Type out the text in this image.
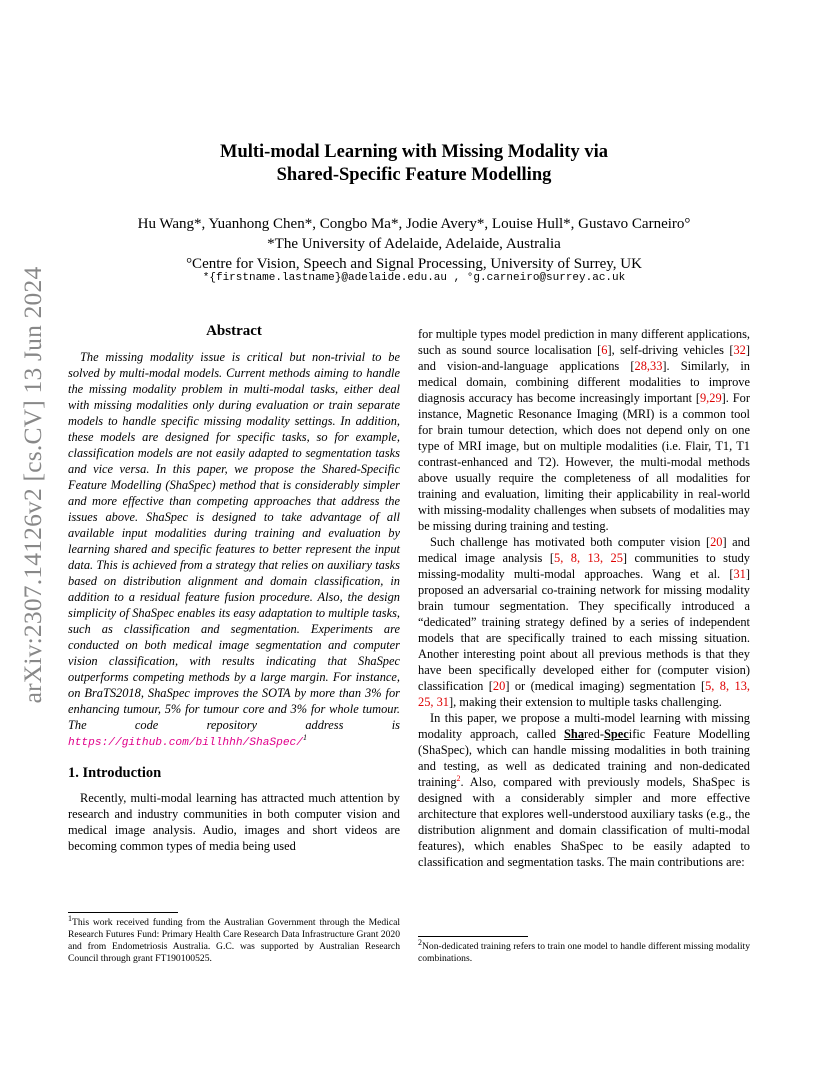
arXiv:2307.14126v2 [cs.CV] 13 Jun 2024
Multi-modal Learning with Missing Modality via
Shared-Specific Feature Modelling
Hu Wang*, Yuanhong Chen*, Congbo Ma*, Jodie Avery*, Louise Hull*, Gustavo Carneiro°
*The University of Adelaide, Adelaide, Australia
°Centre for Vision, Speech and Signal Processing, University of Surrey, UK
*{firstname.lastname}@adelaide.edu.au , °g.carneiro@surrey.ac.uk
Abstract

The missing modality issue is critical but non-trivial to be solved by multi-modal models. Current methods aiming to handle the missing modality problem in multi-modal tasks, either deal with missing modalities only during evaluation or train separate models to handle specific missing modality settings. In addition, these models are designed for specific tasks, so for example, classification models are not easily adapted to segmentation tasks and vice versa. In this paper, we propose the Shared-Specific Feature Modelling (ShaSpec) method that is considerably simpler and more effective than competing approaches that address the issues above. ShaSpec is designed to take advantage of all available input modalities during training and evaluation by learning shared and specific features to better represent the input data. This is achieved from a strategy that relies on auxiliary tasks based on distribution alignment and domain classification, in addition to a residual feature fusion procedure. Also, the design simplicity of ShaSpec enables its easy adaptation to multiple tasks, such as classification and segmentation. Experiments are conducted on both medical image segmentation and computer vision classification, with results indicating that ShaSpec outperforms competing methods by a large margin. For instance, on BraTS2018, ShaSpec improves the SOTA by more than 3% for enhancing tumour, 5% for tumour core and 3% for whole tumour. The code repository address is https://github.com/billhhh/ShaSpec/$^1$

1. Introduction

Recently, multi-modal learning has attracted much attention by research and industry communities in both computer vision and medical image analysis. Audio, images and short videos are becoming common types of media being used

$^1$This work received funding from the Australian Government through the Medical Research Futures Fund: Primary Health Care Research Data Infrastructure Grant 2020 and from Endometriosis Australia. G.C. was supported by Australian Research Council through grant FT190100525.

for multiple types model prediction in many different applications, such as sound source localisation [6], self-driving vehicles [32] and vision-and-language applications [28,33]. Similarly, in medical domain, combining different modalities to improve diagnosis accuracy has become increasingly important [9,29]. For instance, Magnetic Resonance Imaging (MRI) is a common tool for brain tumour detection, which does not depend only on one type of MRI image, but on multiple modalities (i.e. Flair, T1, T1 contrast-enhanced and T2). However, the multi-modal methods above usually require the completeness of all modalities for training and evaluation, limiting their applicability in real-world with missing-modality challenges when subsets of modalities may be missing during training and testing.

Such challenge has motivated both computer vision [20] and medical image analysis [5, 8, 13, 25] communities to study missing-modality multi-modal approaches. Wang et al. [31] proposed an adversarial co-training network for missing modality brain tumour segmentation. They specifically introduced a “dedicated” training strategy defined by a series of independent models that are specifically trained to each missing situation. Another interesting point about all previous methods is that they have been specifically developed either for (computer vision) classification [20] or (medical imaging) segmentation [5, 8, 13, 25, 31], making their extension to multiple tasks challenging.

In this paper, we propose a multi-model learning with missing modality approach, called Shared-Specific Feature Modelling (ShaSpec), which can handle missing modalities in both training and testing, as well as dedicated training and non-dedicated training$^2$. Also, compared with previously models, ShaSpec is designed with a considerably simpler and more effective architecture that explores well-understood auxiliary tasks (e.g., the distribution alignment and domain classification of multi-modal features), which enables ShaSpec to be easily adapted to classification and segmentation tasks. The main contributions are:

$^2$Non-dedicated training refers to train one model to handle different missing modality combinations.
